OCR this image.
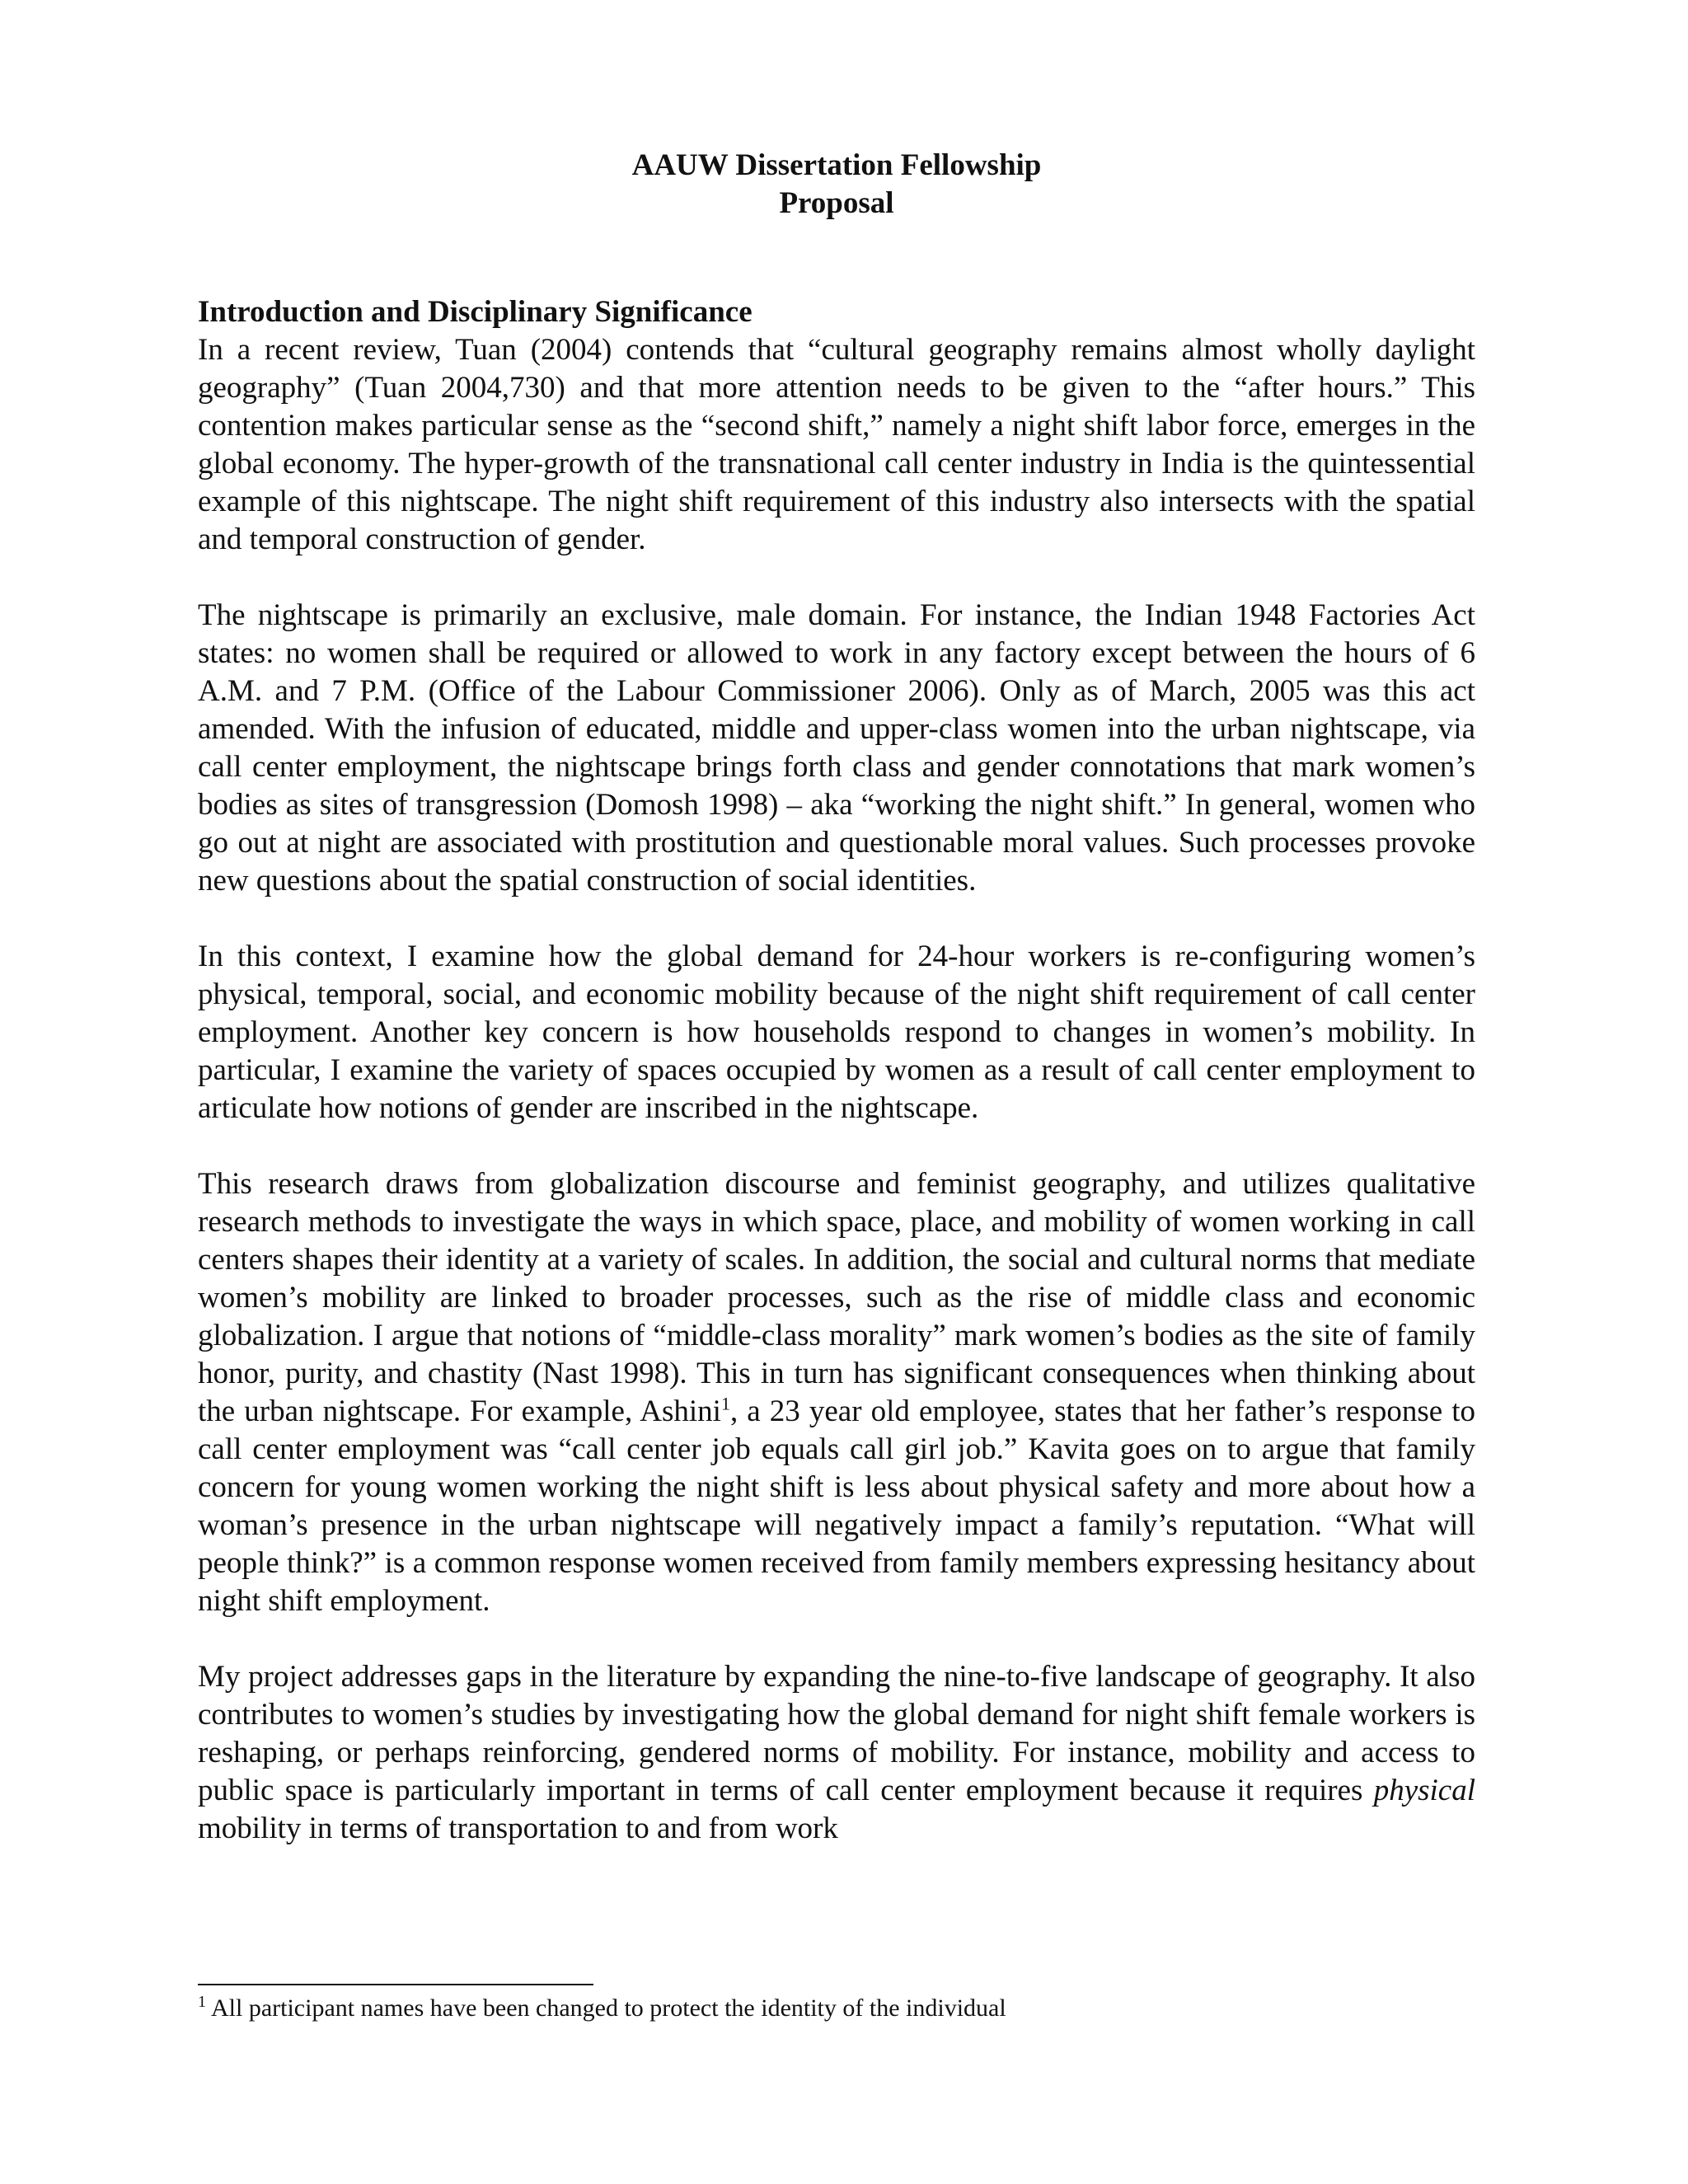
AAUW Dissertation Fellowship
Proposal
Introduction and Disciplinary Significance

In a recent review, Tuan (2004) contends that “cultural geography remains almost wholly daylight geography” (Tuan 2004,730) and that more attention needs to be given to the “after hours.” This contention makes particular sense as the “second shift,” namely a night shift labor force, emerges in the global economy. The hyper-growth of the transnational call center industry in India is the quintessential example of this nightscape. The night shift requirement of this industry also intersects with the spatial and temporal construction of gender.

The nightscape is primarily an exclusive, male domain. For instance, the Indian 1948 Factories Act states: no women shall be required or allowed to work in any factory except between the hours of 6 A.M. and 7 P.M. (Office of the Labour Commissioner 2006). Only as of March, 2005 was this act amended. With the infusion of educated, middle and upper-class women into the urban nightscape, via call center employment, the nightscape brings forth class and gender connotations that mark women’s bodies as sites of transgression (Domosh 1998) – aka “working the night shift.” In general, women who go out at night are associated with prostitution and questionable moral values. Such processes provoke new questions about the spatial construction of social identities.

In this context, I examine how the global demand for 24-hour workers is re-configuring women’s physical, temporal, social, and economic mobility because of the night shift requirement of call center employment. Another key concern is how households respond to changes in women’s mobility. In particular, I examine the variety of spaces occupied by women as a result of call center employment to articulate how notions of gender are inscribed in the nightscape.

This research draws from globalization discourse and feminist geography, and utilizes qualitative research methods to investigate the ways in which space, place, and mobility of women working in call centers shapes their identity at a variety of scales. In addition, the social and cultural norms that mediate women’s mobility are linked to broader processes, such as the rise of middle class and economic globalization. I argue that notions of “middle-class morality” mark women’s bodies as the site of family honor, purity, and chastity (Nast 1998). This in turn has significant consequences when thinking about the urban nightscape. For example, Ashini$^1$, a 23 year old employee, states that her father’s response to call center employment was “call center job equals call girl job.” Kavita goes on to argue that family concern for young women working the night shift is less about physical safety and more about how a woman’s presence in the urban nightscape will negatively impact a family’s reputation. “What will people think?” is a common response women received from family members expressing hesitancy about night shift employment.

My project addresses gaps in the literature by expanding the nine-to-five landscape of geography. It also contributes to women’s studies by investigating how the global demand for night shift female workers is reshaping, or perhaps reinforcing, gendered norms of mobility. For instance, mobility and access to public space is particularly important in terms of call center employment because it requires physical mobility in terms of transportation to and from work

$^1$ All participant names have been changed to protect the identity of the individual
